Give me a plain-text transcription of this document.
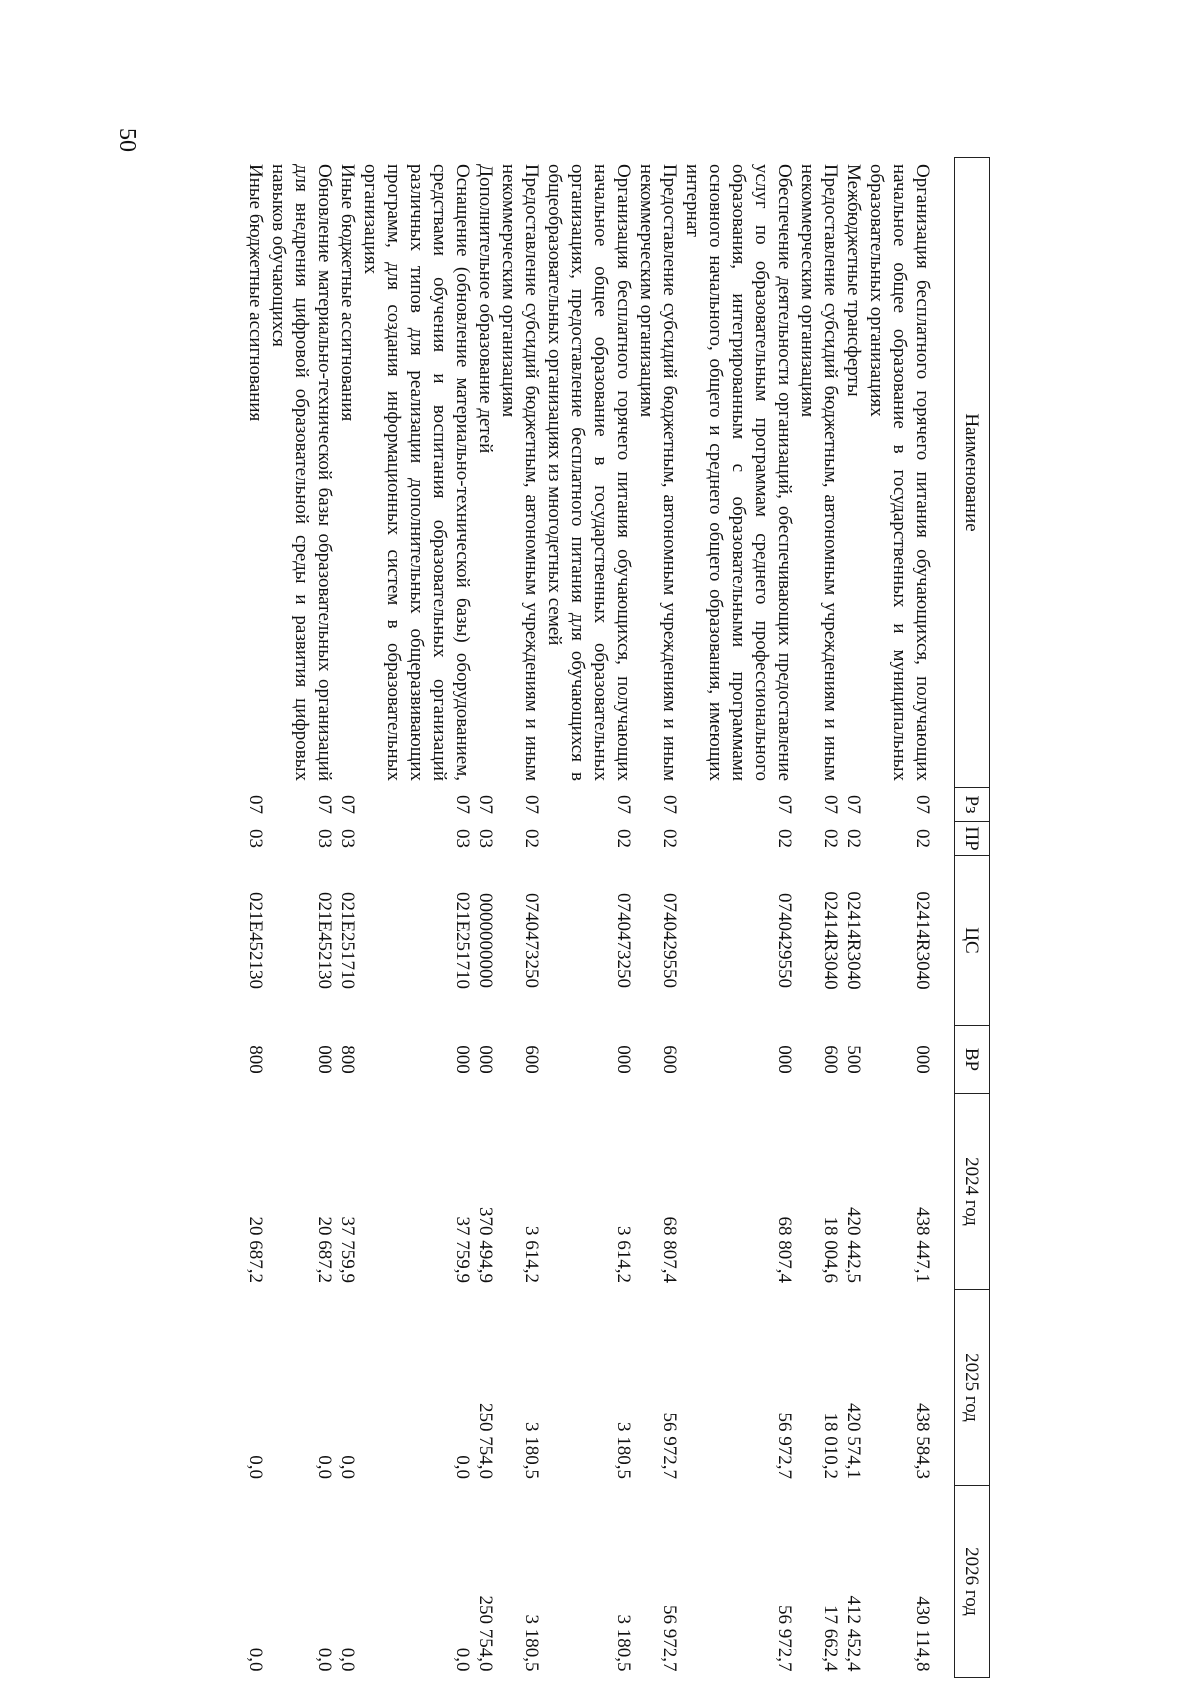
50
Наименование	Рз	ПР	ЦС	ВР	2024 год	2025 год	2026 год

Организация бесплатного горячего питания обучающихся, получающих начальное общее образование в государственных и муниципальных образовательных организациях	07	02	02414R3040	000	438 447,1	438 584,3	430 114,8
Межбюджетные трансферты	07	02	02414R3040	500	420 442,5	420 574,1	412 452,4
Предоставление субсидий бюджетным, автономным учреждениям и иным некоммерческим организациям	07	02	02414R3040	600	18 004,6	18 010,2	17 662,4
Обеспечение деятельности организаций, обеспечивающих предоставление услуг по образовательным программам среднего профессионального образования, интегрированным с образовательными программами основного начального, общего и среднего общего образования, имеющих интернат	07	02	0740429550	000	68 807,4	56 972,7	56 972,7
Предоставление субсидий бюджетным, автономным учреждениям и иным некоммерческим организациям	07	02	0740429550	600	68 807,4	56 972,7	56 972,7
Организация бесплатного горячего питания обучающихся, получающих начальное общее образование в государственных образовательных организациях, предоставление бесплатного питания для обучающихся в общеобразовательных организациях из многодетных семей	07	02	0740473250	000	3 614,2	3 180,5	3 180,5
Предоставление субсидий бюджетным, автономным учреждениям и иным некоммерческим организациям	07	02	0740473250	600	3 614,2	3 180,5	3 180,5
Дополнительное образование детей	07	03	0000000000	000	370 494,9	250 754,0	250 754,0
Оснащение (обновление материально-технической базы) оборудованием, средствами обучения и воспитания образовательных организаций различных типов для реализации дополнительных общеразвивающих программ, для создания информационных систем в образовательных организациях	07	03	021E251710	000	37 759,9	0,0	0,0
Иные бюджетные ассигнования	07	03	021E251710	800	37 759,9	0,0	0,0
Обновление материально-технической базы образовательных организаций для внедрения цифровой образовательной среды и развития цифровых навыков обучающихся	07	03	021E452130	000	20 687,2	0,0	0,0
Иные бюджетные ассигнования	07	03	021E452130	800	20 687,2	0,0	0,0
